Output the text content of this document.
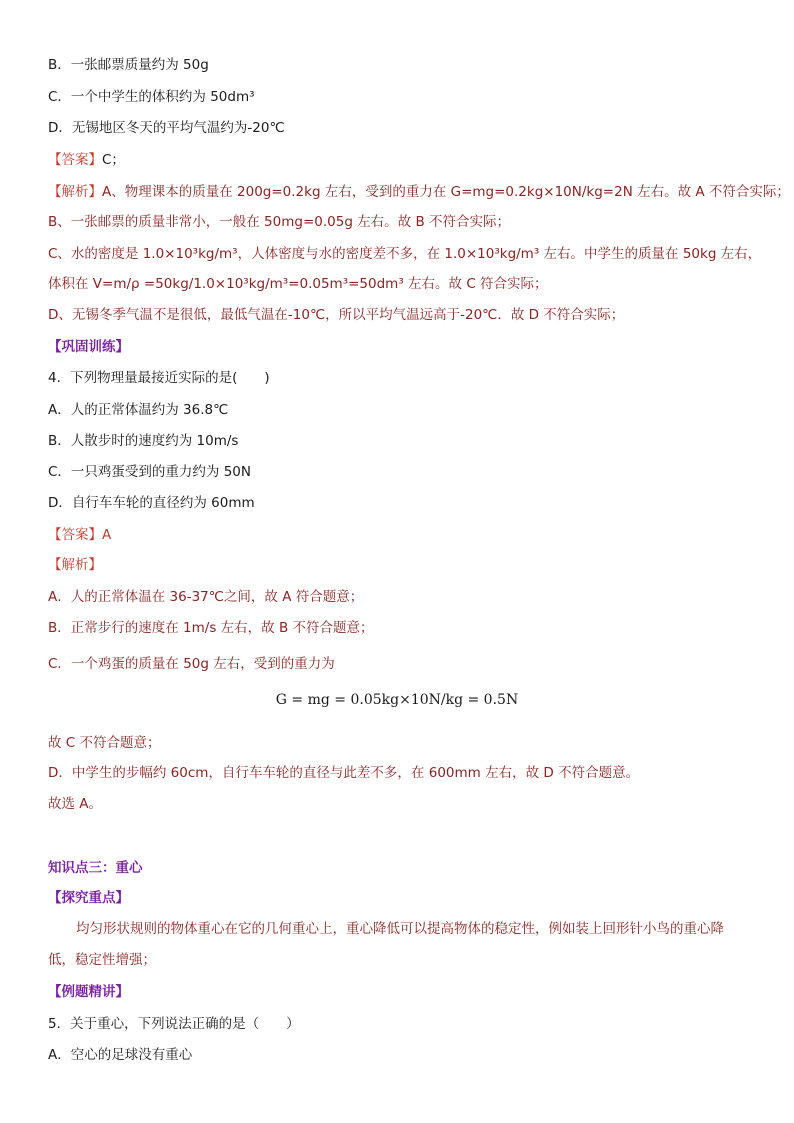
B．一张邮票质量约为 50g
C．一个中学生的体积约为 50dm³
D．无锡地区冬天的平均气温约为-20℃
【答案】C；
【解析】A、物理课本的质量在 200g=0.2kg 左右，受到的重力在 G=mg=0.2kg×10N/kg=2N 左右。故 A 不符合实际；
B、一张邮票的质量非常小，一般在 50mg=0.05g 左右。故 B 不符合实际；
C、水的密度是 1.0×10³kg/m³，人体密度与水的密度差不多，在 1.0×10³kg/m³ 左右。中学生的质量在 50kg 左右，
体积在 V=m/ρ =50kg/1.0×10³kg/m³=0.05m³=50dm³ 左右。故 C 符合实际；
D、无锡冬季气温不是很低，最低气温在-10℃，所以平均气温远高于-20℃．故 D 不符合实际；
【巩固训练】
4．下列物理量最接近实际的是(　　)
A．人的正常体温约为 36.8℃
B．人散步时的速度约为 10m/s
C．一只鸡蛋受到的重力约为 50N
D．自行车车轮的直径约为 60mm
【答案】A
【解析】
A．人的正常体温在 36-37℃之间，故 A 符合题意；
B．正常步行的速度在 1m/s 左右，故 B 不符合题意；
C．一个鸡蛋的质量在 50g 左右，受到的重力为
G = mg = 0.05kg×10N/kg = 0.5N
故 C 不符合题意；
D．中学生的步幅约 60cm，自行车车轮的直径与此差不多，在 600mm 左右，故 D 不符合题意。
故选 A。
知识点三：重心
【探究重点】
均匀形状规则的物体重心在它的几何重心上，重心降低可以提高物体的稳定性，例如装上回形针小鸟的重心降
低，稳定性增强；
【例题精讲】
5．关于重心，下列说法正确的是（　　）
A．空心的足球没有重心
